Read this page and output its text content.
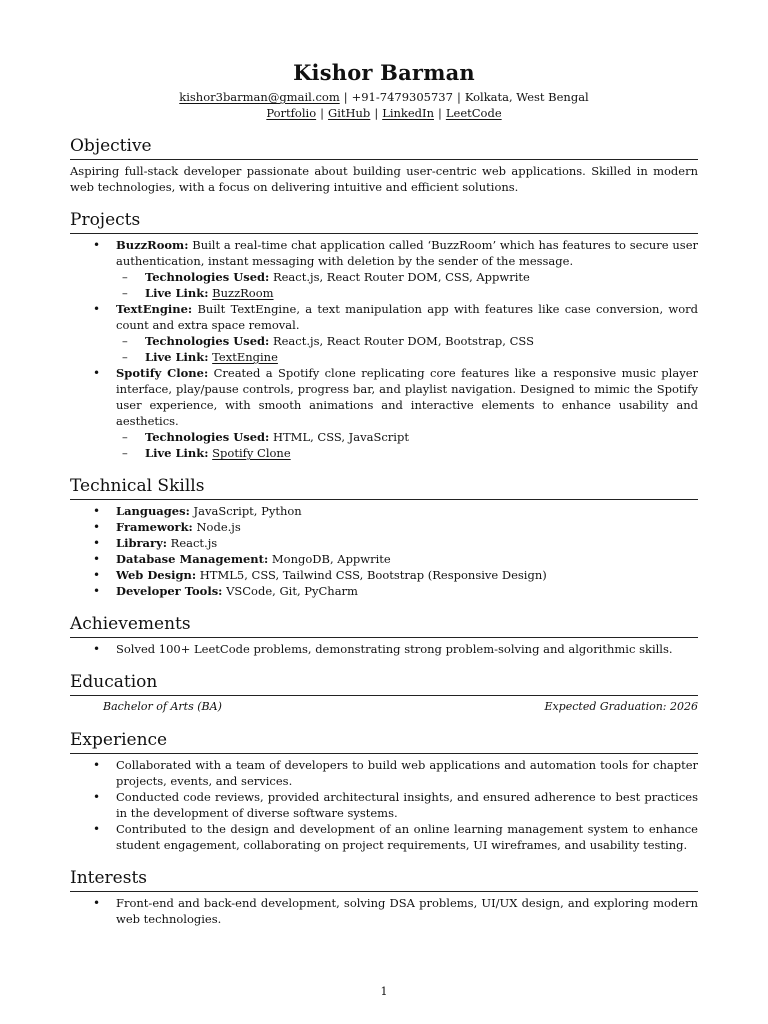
Kishor Barman
kishor3barman@gmail.com | +91-7479305737 | Kolkata, West Bengal
Portfolio | GitHub | LinkedIn | LeetCode
Objective
Aspiring full-stack developer passionate about building user-centric web applications. Skilled in modern web technologies, with a focus on delivering intuitive and efficient solutions.
Projects
• BuzzRoom: Built a real-time chat application called ‘BuzzRoom’ which has features to secure user authentication, instant messaging with deletion by the sender of the message.
– Technologies Used: React.js, React Router DOM, CSS, Appwrite
– Live Link: BuzzRoom
• TextEngine: Built TextEngine, a text manipulation app with features like case conversion, word count and extra space removal.
– Technologies Used: React.js, React Router DOM, Bootstrap, CSS
– Live Link: TextEngine
• Spotify Clone: Created a Spotify clone replicating core features like a responsive music player interface, play/pause controls, progress bar, and playlist navigation. Designed to mimic the Spotify user experience, with smooth animations and interactive elements to enhance usability and aesthetics.
– Technologies Used: HTML, CSS, JavaScript
– Live Link: Spotify Clone
Technical Skills
• Languages: JavaScript, Python
• Framework: Node.js
• Library: React.js
• Database Management: MongoDB, Appwrite
• Web Design: HTML5, CSS, Tailwind CSS, Bootstrap (Responsive Design)
• Developer Tools: VSCode, Git, PyCharm
Achievements
• Solved 100+ LeetCode problems, demonstrating strong problem-solving and algorithmic skills.
Education
Bachelor of Arts (BA)	Expected Graduation: 2026
Experience
• Collaborated with a team of developers to build web applications and automation tools for chapter projects, events, and services.
• Conducted code reviews, provided architectural insights, and ensured adherence to best practices in the development of diverse software systems.
• Contributed to the design and development of an online learning management system to enhance student engagement, collaborating on project requirements, UI wireframes, and usability testing.
Interests
• Front-end and back-end development, solving DSA problems, UI/UX design, and exploring modern web technologies.
1
